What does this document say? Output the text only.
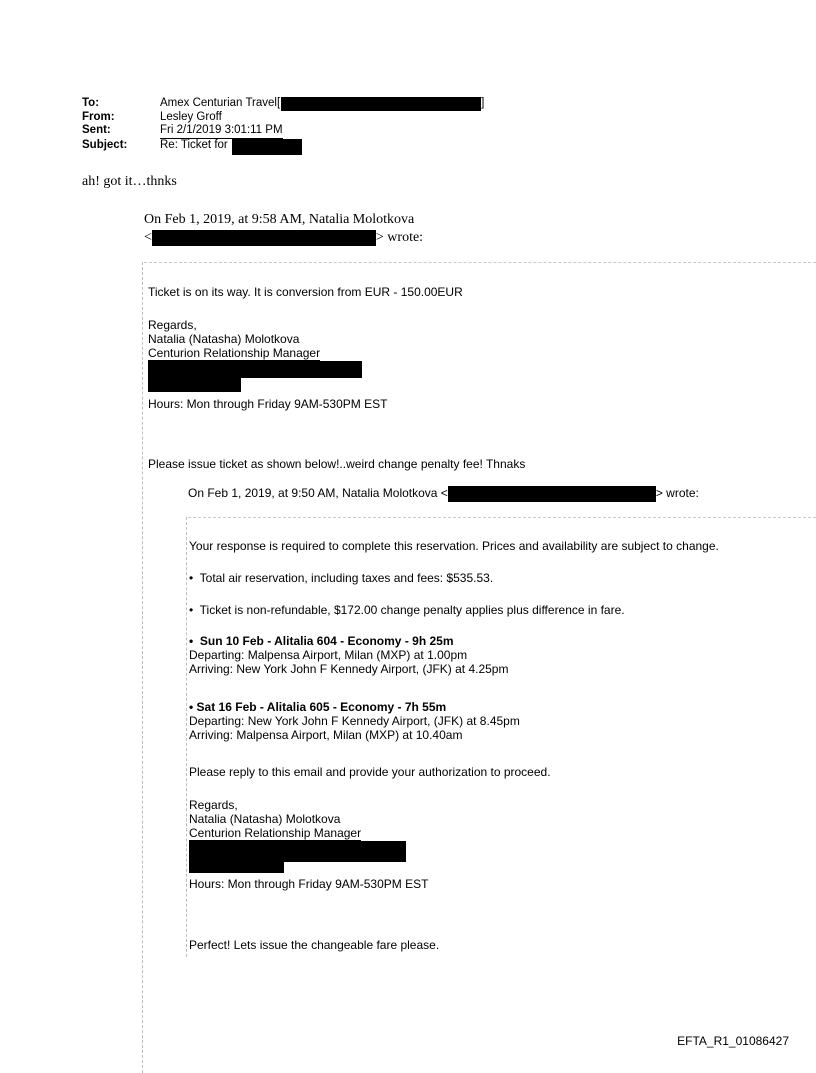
To:	Amex Centurian Travel[	]
From:	Lesley Groff
Sent:	Fri 2/1/2019 3:01:11 PM
Subject:	Re: Ticket for
ah! got it…thnks
On Feb 1, 2019, at 9:58 AM, Natalia Molotkova
<	> wrote:
Ticket is on its way. It is conversion from EUR - 150.00EUR
Regards,
Natalia (Natasha) Molotkova
Centurion Relationship Manager
Hours: Mon through Friday 9AM-530PM EST
Please issue ticket as shown below!..weird change penalty fee! Thnaks
On Feb 1, 2019, at 9:50 AM, Natalia Molotkova <	> wrote:
Your response is required to complete this reservation. Prices and availability are subject to change.
• Total air reservation, including taxes and fees: $535.53.
• Ticket is non-refundable, $172.00 change penalty applies plus difference in fare.
• Sun 10 Feb - Alitalia 604 - Economy - 9h 25m
Departing: Malpensa Airport, Milan (MXP) at 1.00pm
Arriving: New York John F Kennedy Airport, (JFK) at 4.25pm
• Sat 16 Feb - Alitalia 605 - Economy - 7h 55m
Departing: New York John F Kennedy Airport, (JFK) at 8.45pm
Arriving: Malpensa Airport, Milan (MXP) at 10.40am
Please reply to this email and provide your authorization to proceed.
Regards,
Natalia (Natasha) Molotkova
Centurion Relationship Manager
Hours: Mon through Friday 9AM-530PM EST
Perfect! Lets issue the changeable fare please.
EFTA_R1_01086427
